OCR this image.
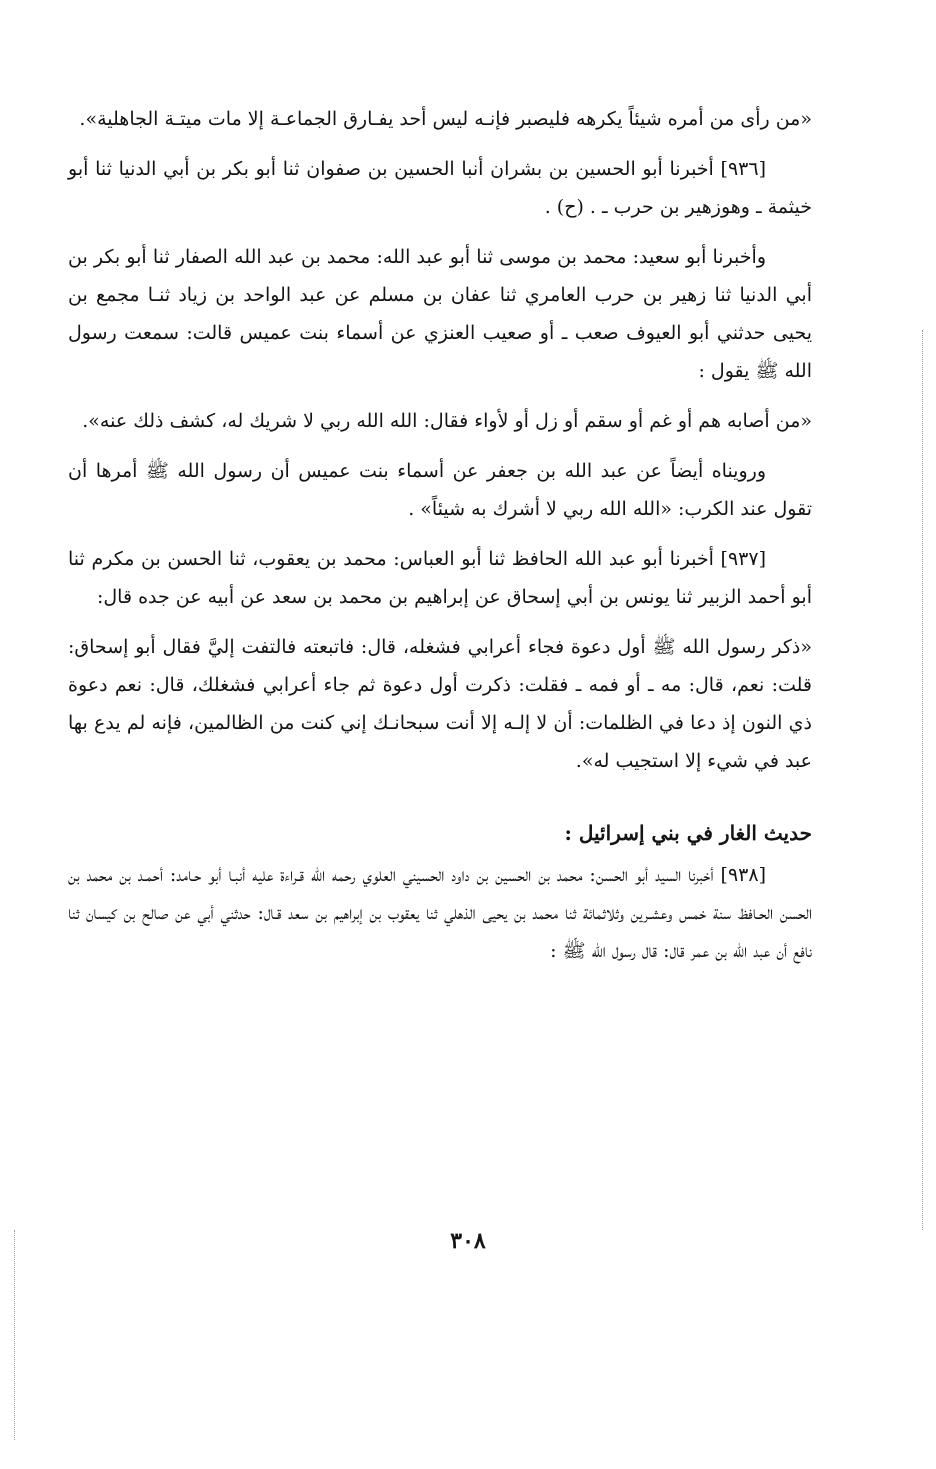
«من رأى من أمره شيئاً يكرهه فليصبر فإنـه ليس أحد يفـارق الجماعـة إلا مات ميتـة الجاهلية».

[٩٣٦] أخبرنا أبو الحسين بن بشران أنبا الحسين بن صفوان ثنا أبو بكر بن أبي الدنيا ثنا أبو خيثمة ـ وهوزهير بن حرب ـ . (ح) .

وأخبرنا أبو سعيد: محمد بن موسى ثنا أبو عبد الله: محمد بن عبد الله الصفار ثنا أبو بكر بن أبي الدنيا ثنا زهير بن حرب العامري ثنا عفان بن مسلم عن عبد الواحد بن زياد ثنـا مجمع بن يحيى حدثني أبو العيوف صعب ـ أو صعيب العنزي عن أسماء بنت عميس قالت: سمعت رسول الله ﷺ يقول :

«من أصابه هم أو غم أو سقم أو زل أو لأواء فقال: الله الله ربي لا شريك له، كشف ذلك عنه».

ورويناه أيضاً عن عبد الله بن جعفر عن أسماء بنت عميس أن رسول الله ﷺ أمرها أن تقول عند الكرب: «الله الله ربي لا أشرك به شيئاً» .

[٩٣٧] أخبرنا أبو عبد الله الحافظ ثنا أبو العباس: محمد بن يعقوب، ثنا الحسن بن مكرم ثنا أبو أحمد الزبير ثنا يونس بن أبي إسحاق عن إبراهيم بن محمد بن سعد عن أبيه عن جده قال:

«ذكر رسول الله ﷺ أول دعوة فجاء أعرابي فشغله، قال: فاتبعته فالتفت إليَّ فقال أبو إسحاق: قلت: نعم، قال: مه ـ أو فمه ـ فقلت: ذكرت أول دعوة ثم جاء أعرابي فشغلك، قال: نعم دعوة ذي النون إذ دعا في الظلمات: أن لا إلـه إلا أنت سبحانـك إني كنت من الظالمين، فإنه لم يدع بها عبد في شيء إلا استجيب له».

حديث الغار في بني إسرائيل :

[٩٣٨] أخبرنا السيد أبو الحسن: محمد بن الحسين بن داود الحسيني العلوي رحمه الله قـراءة عليه أنبـا أبو حـامد: أحمـد بن محمد بن الحسن الحـافظ سنة خمس وعشـرين وثلاثمائة ثنا محمد بن يحيى الذهلي ثنا يعقوب بن إبراهيم بن سعد قـال: حدثني أبي عن صالح بن كيسان ثنا نافع أن عبد الله بن عمر قال: قال رسول الله ﷺ :

٣٠٨
